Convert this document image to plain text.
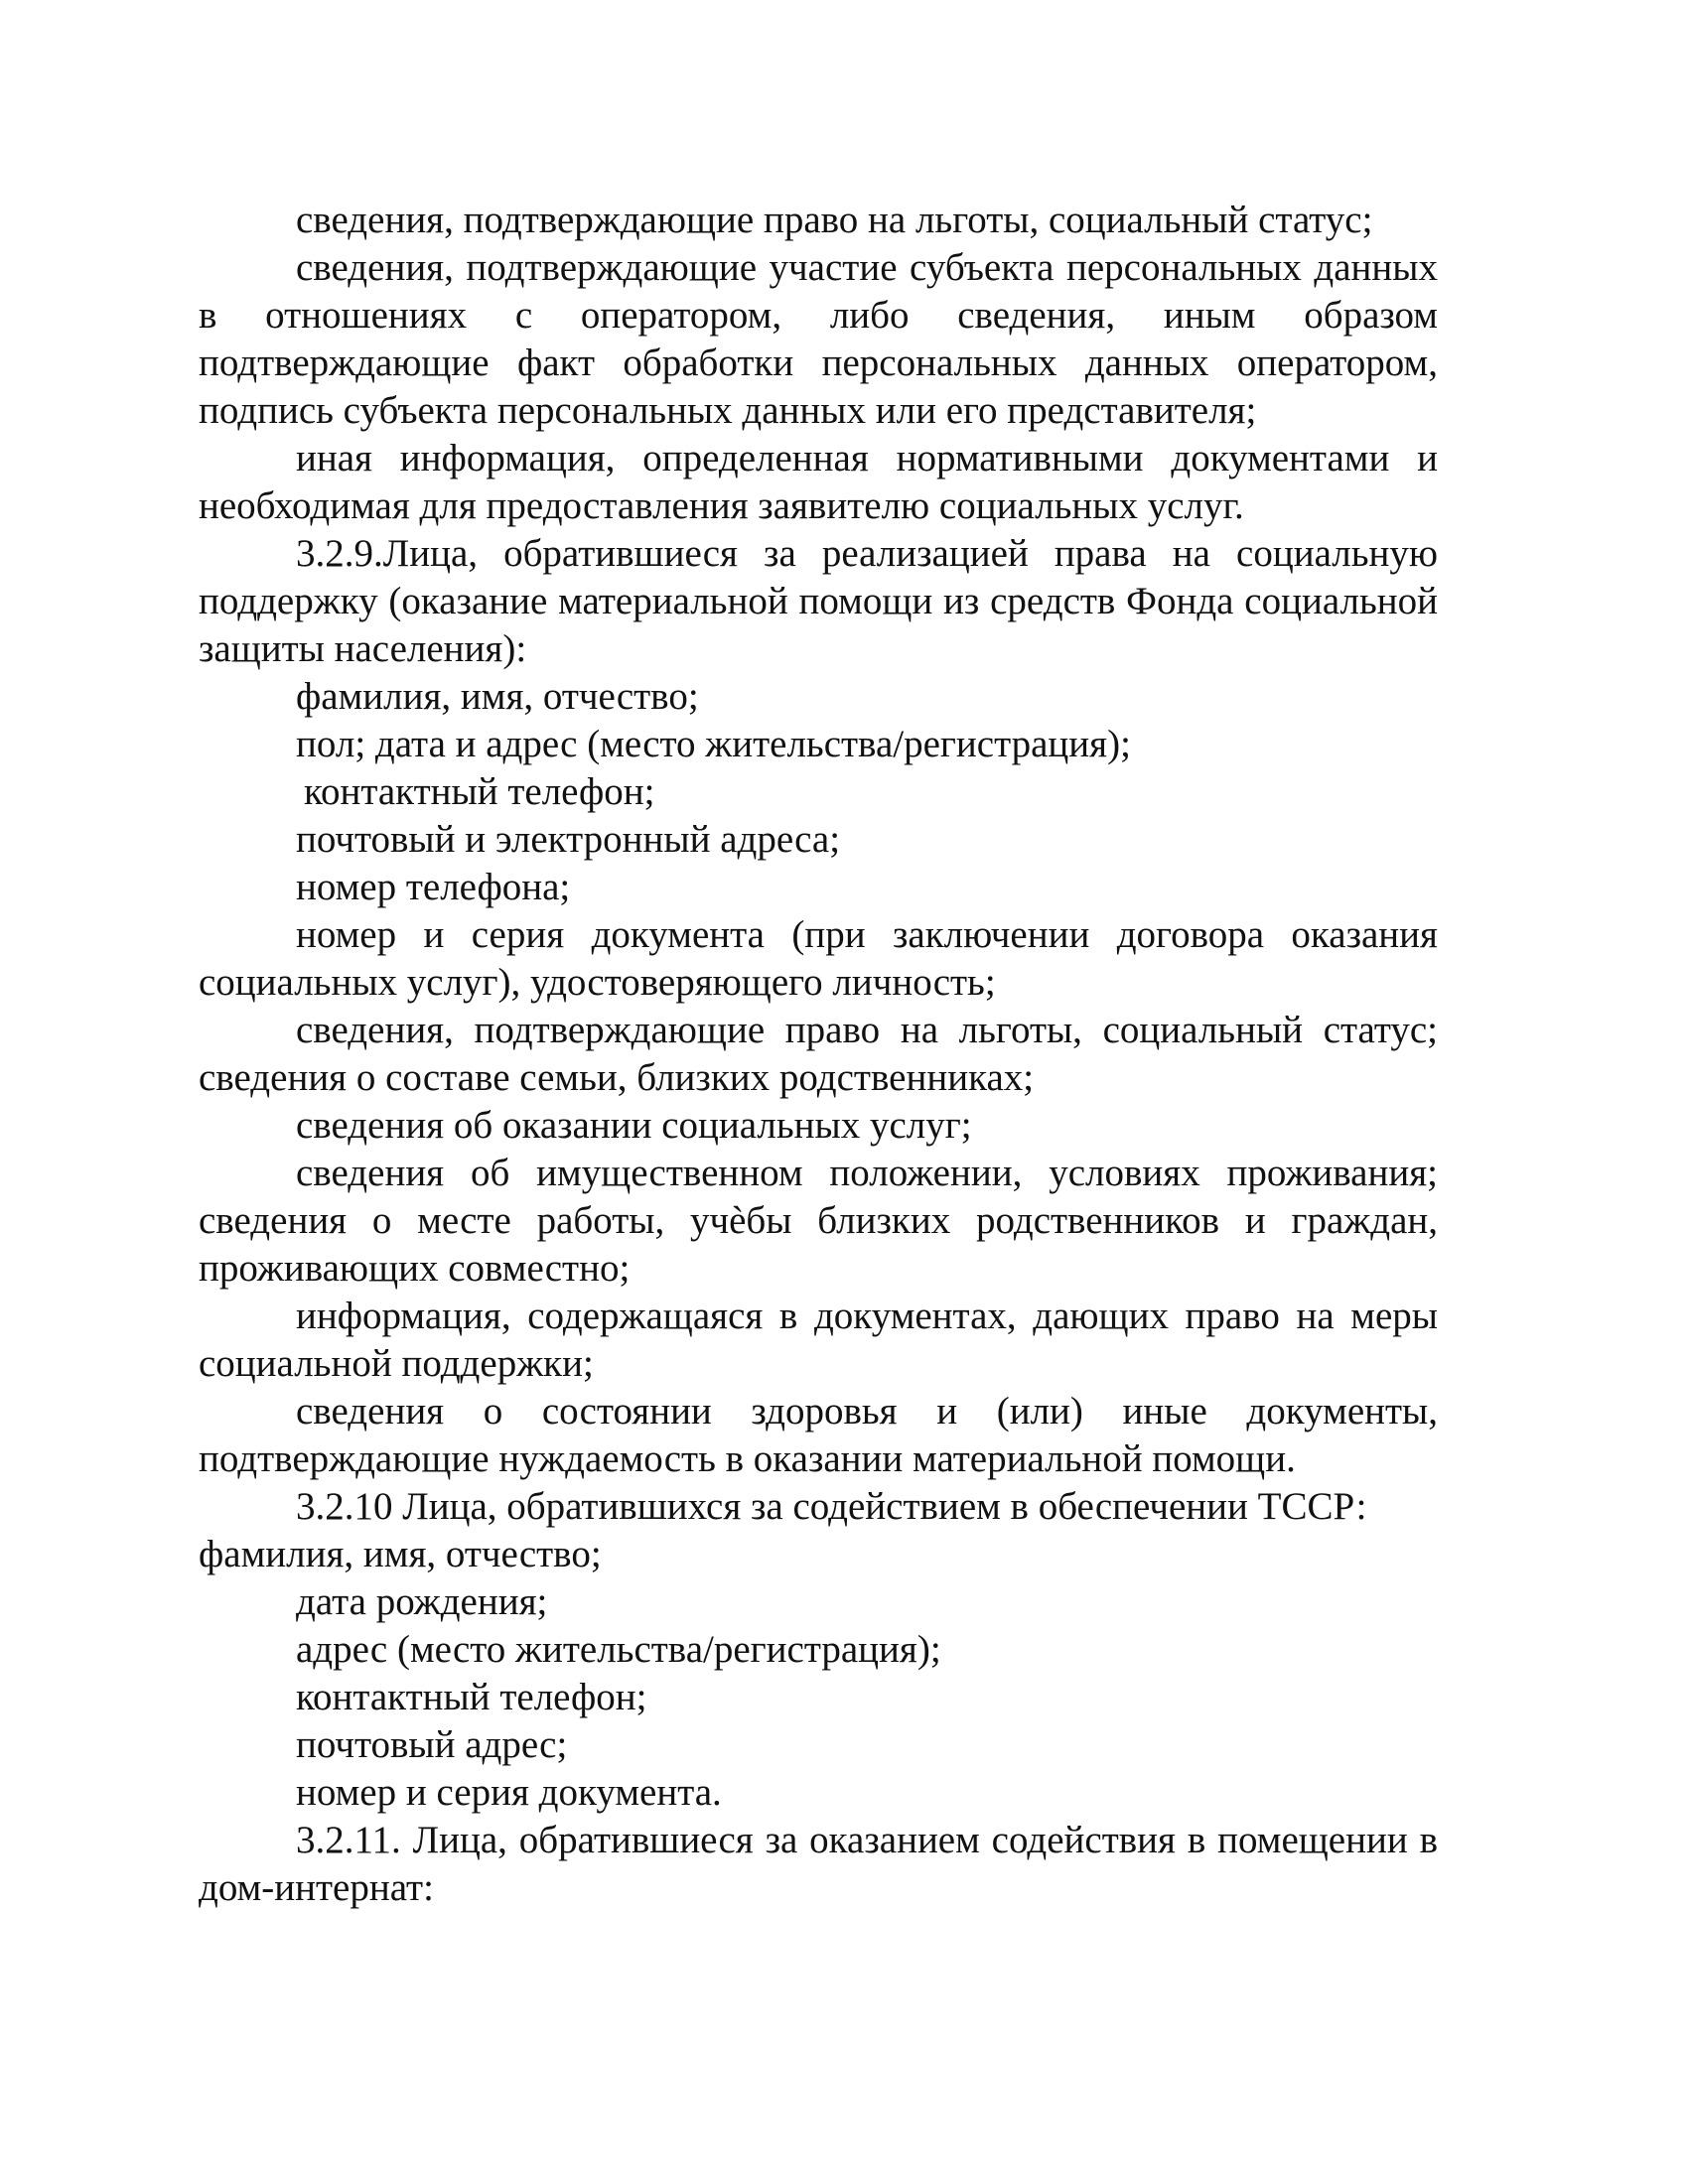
сведения, подтверждающие право на льготы, социальный статус;

сведения, подтверждающие участие субъекта персональных данных в отношениях с оператором, либо сведения, иным образом подтверждающие факт обработки персональных данных оператором, подпись субъекта персональных данных или его представителя;

иная информация, определенная нормативными документами и необходимая для предоставления заявителю социальных услуг.

3.2.9.Лица, обратившиеся за реализацией права на социальную поддержку (оказание материальной помощи из средств Фонда социальной защиты населения):

фамилия, имя, отчество;

пол; дата и адрес (место жительства/регистрация);

контактный телефон;

почтовый и электронный адреса;

номер телефона;

номер и серия документа (при заключении договора оказания социальных услуг), удостоверяющего личность;

сведения, подтверждающие право на льготы, социальный статус; сведения о составе семьи, близких родственниках;

сведения об оказании социальных услуг;

сведения об имущественном положении, условиях проживания; сведения о месте работы, учѐбы близких родственников и граждан, проживающих совместно;

информация, содержащаяся в документах, дающих право на меры социальной поддержки;

сведения о состоянии здоровья и (или) иные документы, подтверждающие нуждаемость в оказании материальной помощи.

3.2.10 Лица, обратившихся за содействием в обеспечении ТССР: фамилия, имя, отчество;

дата рождения;

адрес (место жительства/регистрация);

контактный телефон;

почтовый адрес;

номер и серия документа.

3.2.11. Лица, обратившиеся за оказанием содействия в помещении в дом-интернат:
